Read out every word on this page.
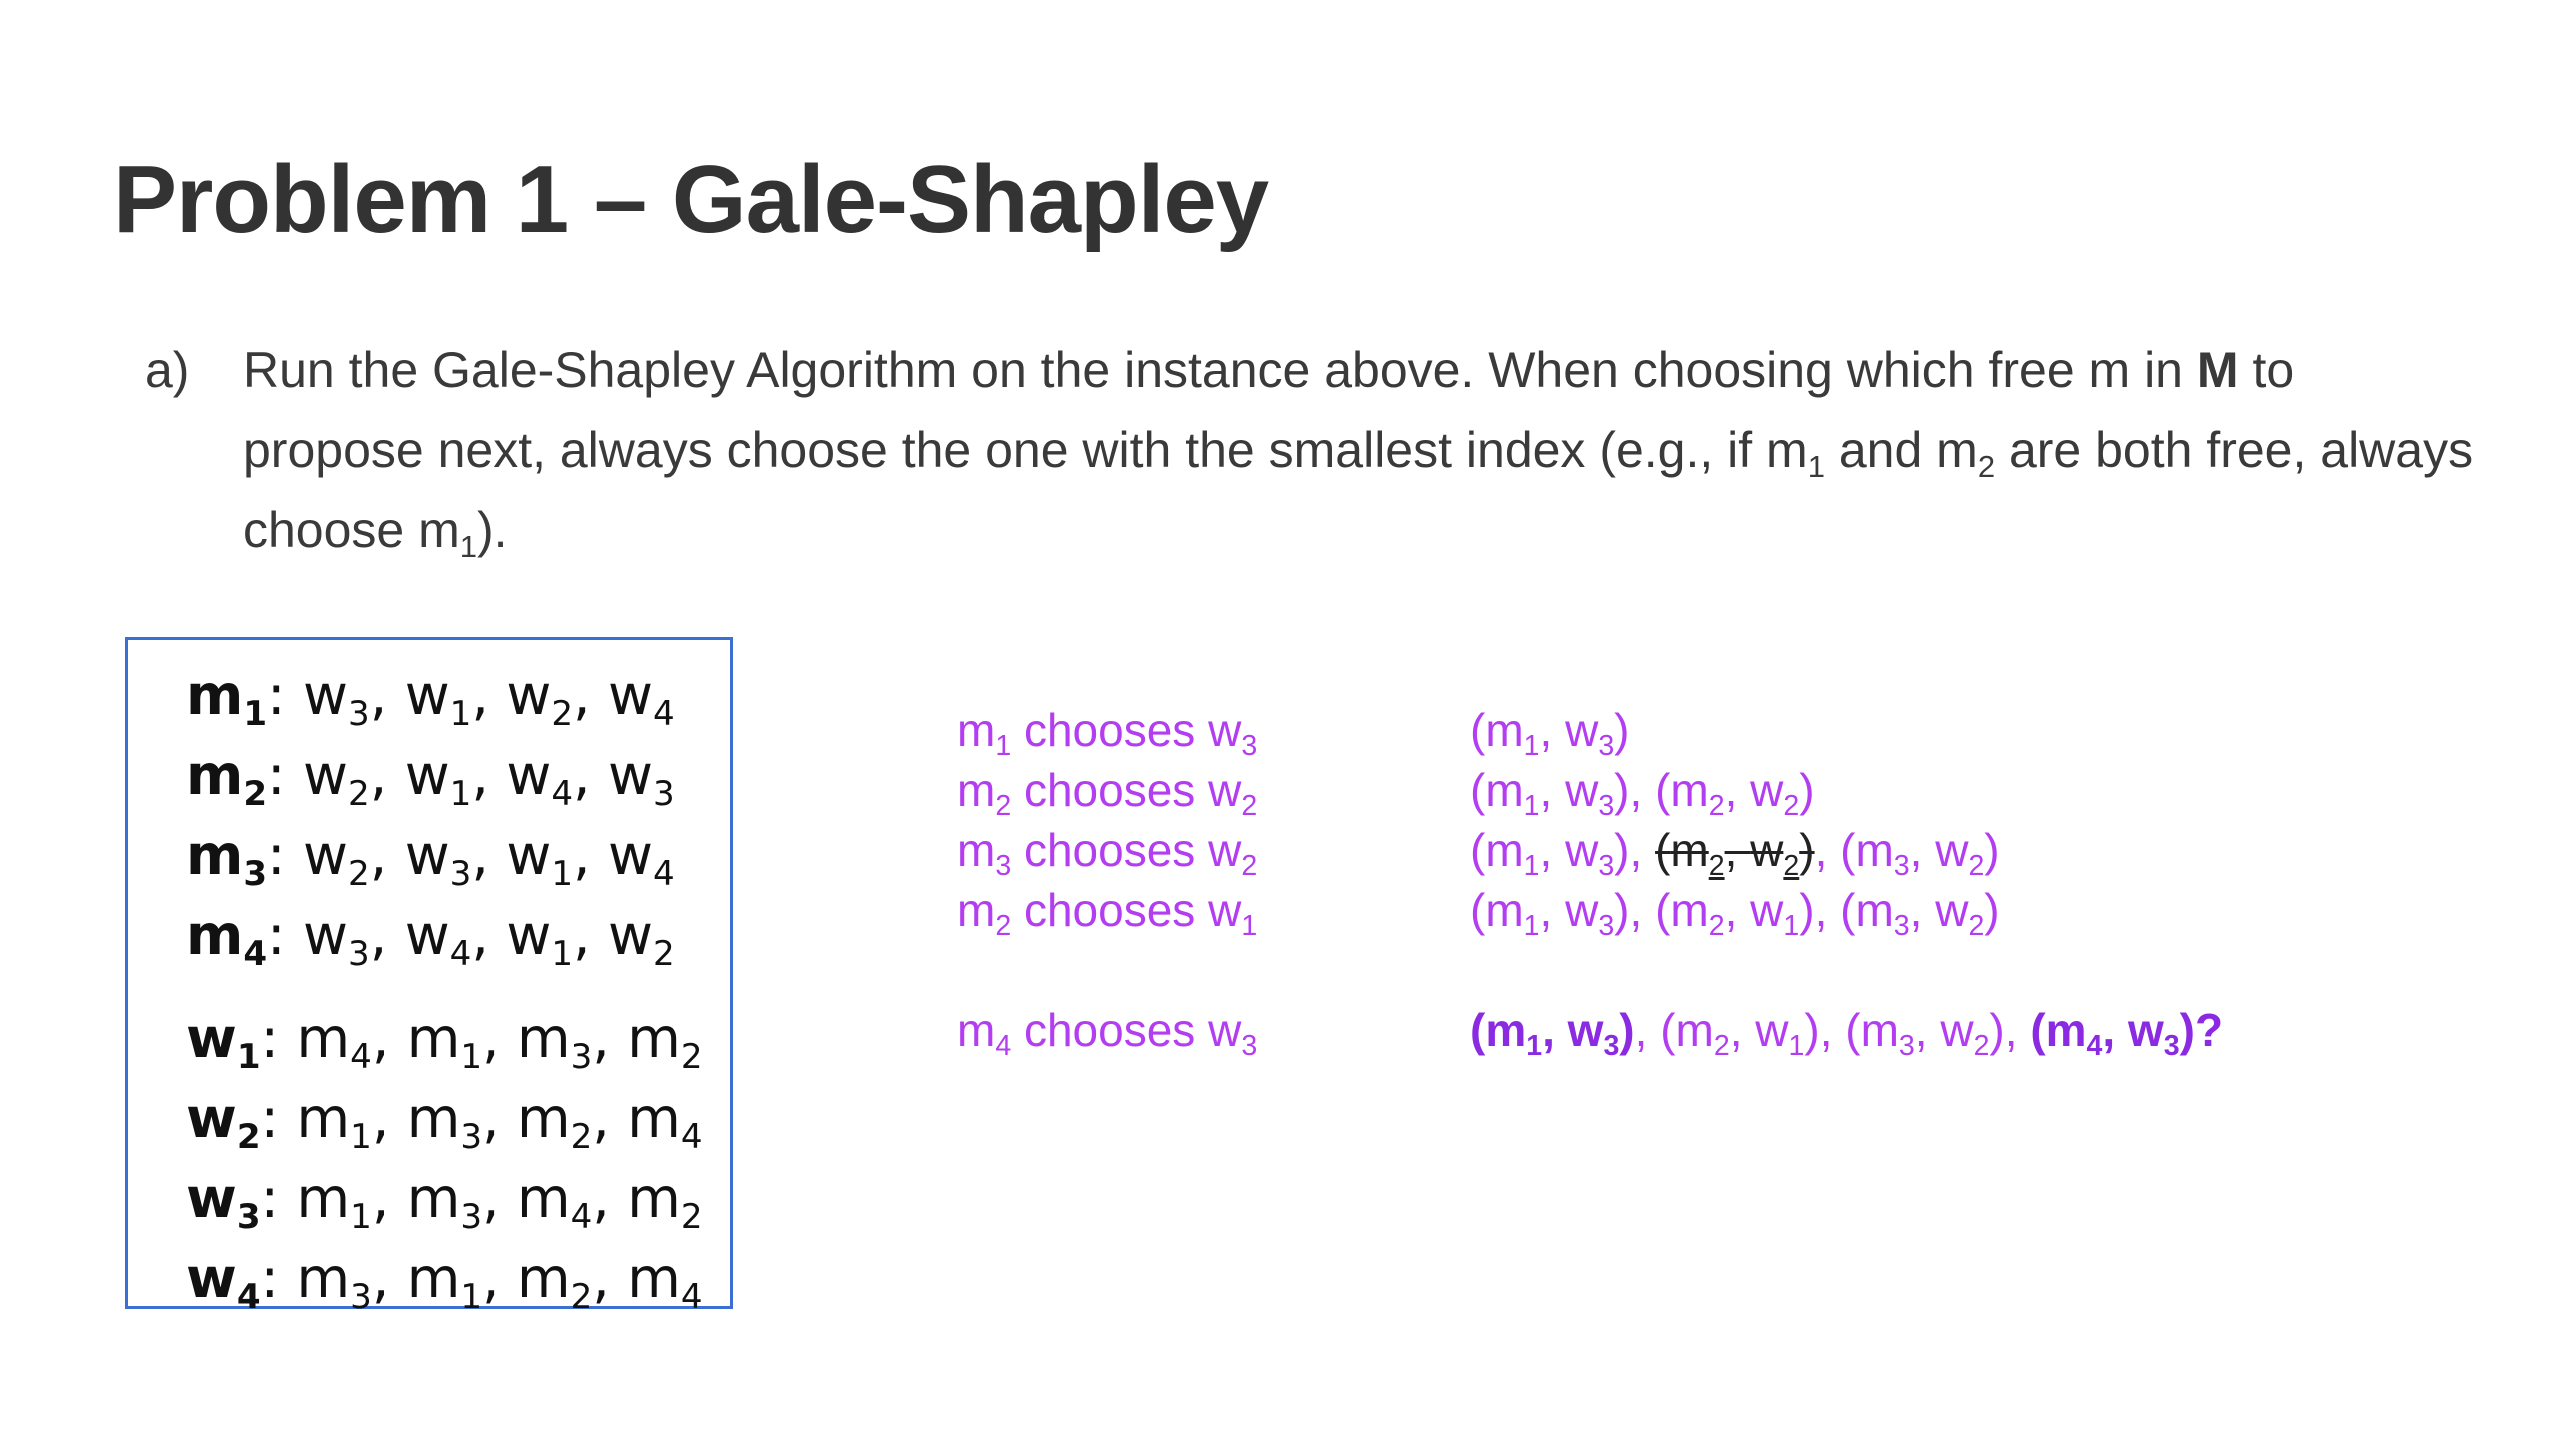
Problem 1 – Gale-Shapley
a) Run the Gale-Shapley Algorithm on the instance above. When choosing which free m in M to propose next, always choose the one with the smallest index (e.g., if $m_1$ and $m_2$ are both free, always choose $m_1$).
$m_1$: $w_3$, $w_1$, $w_2$, $w_4$
$m_2$: $w_2$, $w_1$, $w_4$, $w_3$
$m_3$: $w_2$, $w_3$, $w_1$, $w_4$
$m_4$: $w_3$, $w_4$, $w_1$, $w_2$
$w_1$: $m_4$, $m_1$, $m_3$, $m_2$
$w_2$: $m_1$, $m_3$, $m_2$, $m_4$
$w_3$: $m_1$, $m_3$, $m_4$, $m_2$
$w_4$: $m_3$, $m_1$, $m_2$, $m_4$
$m_1$ chooses $w_3$
$m_2$ chooses $w_2$
$m_3$ chooses $w_2$
$m_2$ chooses $w_1$
$m_4$ chooses $w_3$
($m_1$, $w_3$)
($m_1$, $w_3$), ($m_2$, $w_2$)
($m_1$, $w_3$), ($m_2$, $w_2$), ($m_3$, $w_2$)
($m_1$, $w_3$), ($m_2$, $w_1$), ($m_3$, $w_2$)
($m_1$, $w_3$), ($m_2$, $w_1$), ($m_3$, $w_2$), ($m_4$, $w_3$)?
